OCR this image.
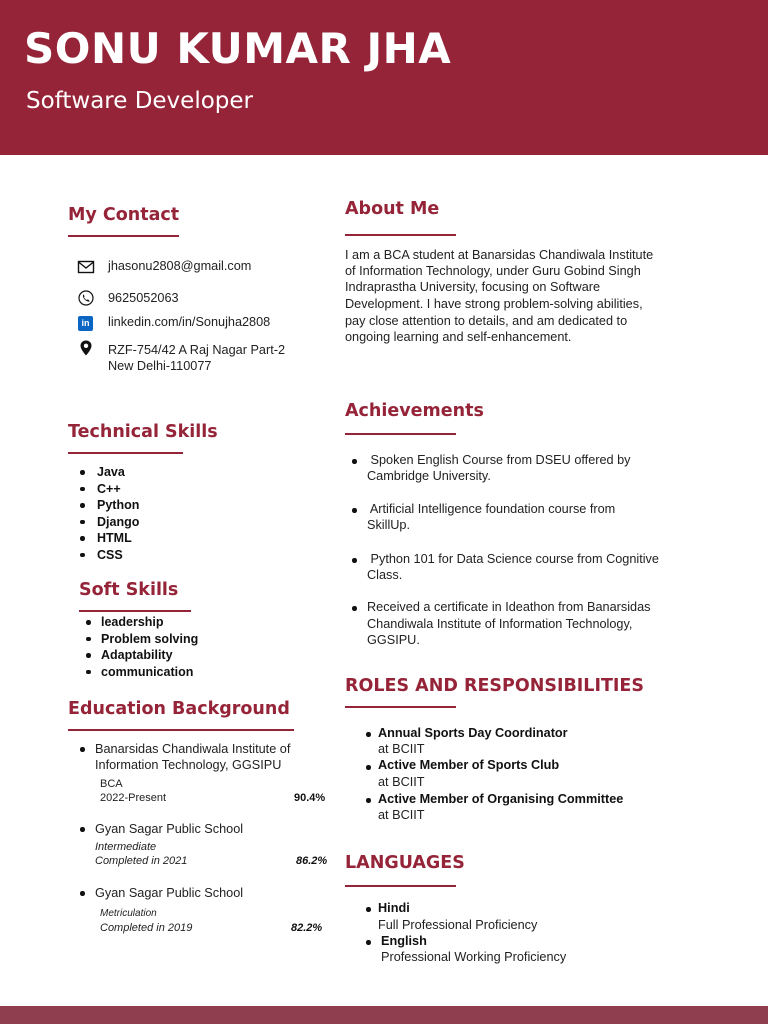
SONU KUMAR JHA
Software Developer
My Contact
jhasonu2808@gmail.com
9625052063
in linkedin.com/in/Sonujha2808
RZF-754/42 A Raj Nagar Part-2
New Delhi-110077
Technical Skills
Java
C++
Python
Django
HTML
CSS
Soft Skills
leadership
Problem solving
Adaptability
communication
Education Background
Banarsidas Chandiwala Institute of
Information Technology, GGSIPU
BCA
2022-Present	90.4%
Gyan Sagar Public School
Intermediate
Completed in 2021	86.2%
Gyan Sagar Public School
Metriculation
Completed in 2019	82.2%
About Me
I am a BCA student at Banarsidas Chandiwala Institute
of Information Technology, under Guru Gobind Singh
Indraprastha University, focusing on Software
Development. I have strong problem-solving abilities,
pay close attention to details, and am dedicated to
ongoing learning and self-enhancement.
Achievements
Spoken English Course from DSEU offered by
Cambridge University.
Artificial Intelligence foundation course from
SkillUp.
Python 101 for Data Science course from Cognitive
Class.
Received a certificate in Ideathon from Banarsidas
Chandiwala Institute of Information Technology,
GGSIPU.
ROLES AND RESPONSIBILITIES
Annual Sports Day Coordinator
at BCIIT
Active Member of Sports Club
at BCIIT
Active Member of Organising Committee
at BCIIT
LANGUAGES
Hindi
Full Professional Proficiency
English
Professional Working Proficiency
